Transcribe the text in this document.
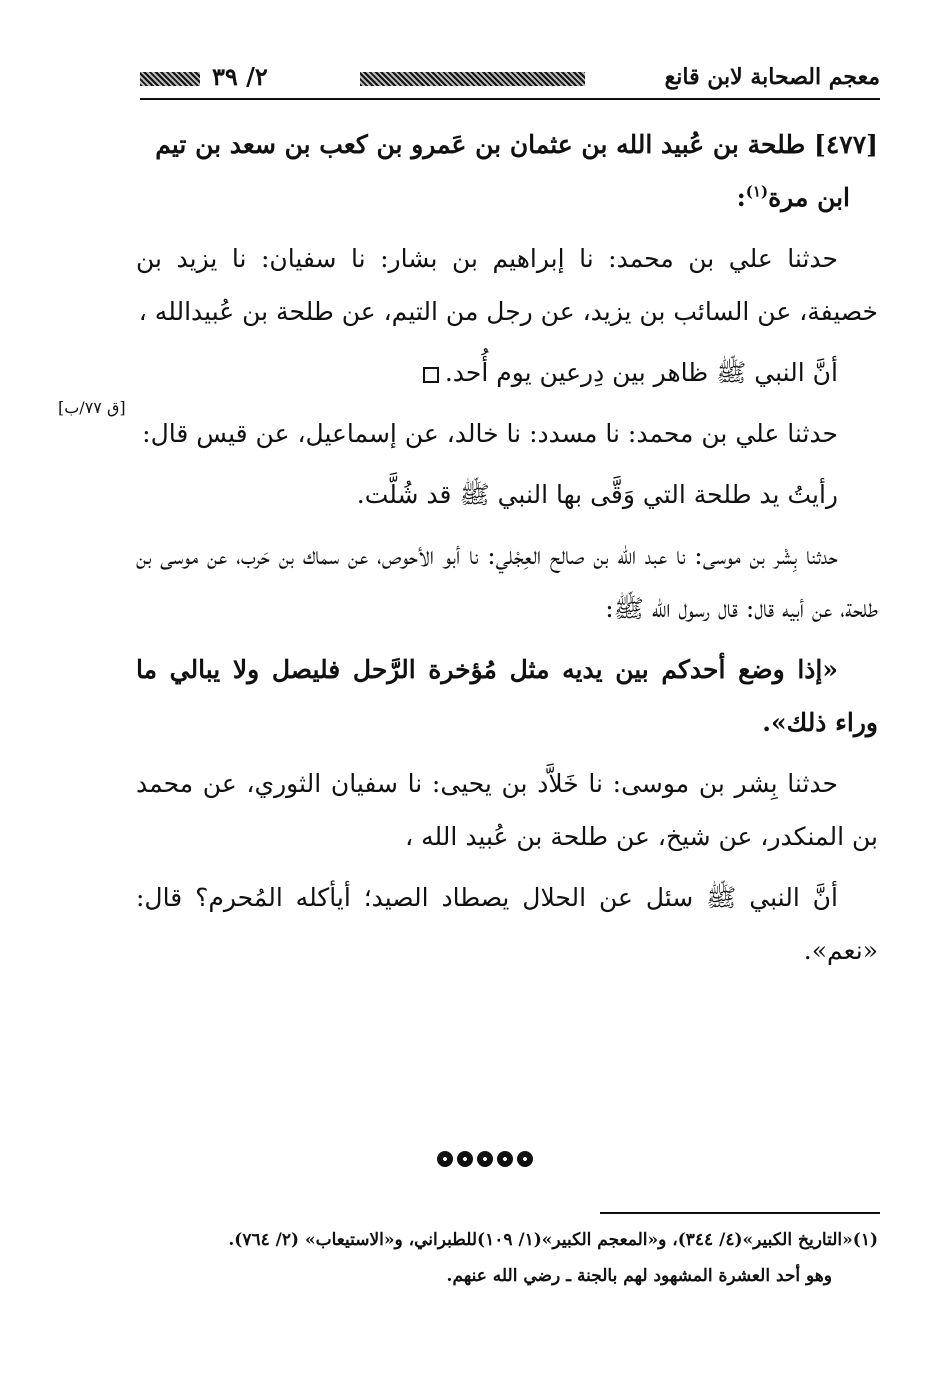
معجم الصحابة لابن قانع
٢/ ٣٩

[٤٧٧] طلحة بن عُبيد الله بن عثمان بن عَمرو بن كعب بن سعد بن تيم
ابن مرة$^{(١)}$:

حدثنا علي بن محمد: نا إبراهيم بن بشار: نا سفيان: نا يزيد بن خصيفة، عن السائب بن يزيد، عن رجل من التيم، عن طلحة بن عُبيدالله ،

أنَّ النبي ﷺ ظاهر بين دِرعين يوم أُحد.

حدثنا علي بن محمد: نا مسدد: نا خالد، عن إسماعيل، عن قيس قال:

رأيتُ يد طلحة التي وَقَّى بها النبي ﷺ قد شُلَّت.

حدثنا بِشْر بن موسى: نا عبد الله بن صالح العِجْلي: نا أبو الأحوص، عن سماك بن حَرب، عن موسى بن طلحة، عن أبيه قال: قال رسول الله ﷺ:

«إذا وضع أحدكم بين يديه مثل مُؤخرة الرَّحل فليصل ولا يبالي ما وراء ذلك».

حدثنا بِشر بن موسى: نا خَلاَّد بن يحيى: نا سفيان الثوري، عن محمد بن المنكدر، عن شيخ، عن طلحة بن عُبيد الله ،

أنَّ النبي ﷺ سئل عن الحلال يصطاد الصيد؛ أيأكله المُحرم؟ قال: «نعم».

[ق ٧٧/ب]

(١)«التاريخ الكبير»(٤/ ٣٤٤)، و«المعجم الكبير»(١/ ١٠٩)للطبراني، و«الاستيعاب» (٢/ ٧٦٤).

وهو أحد العشرة المشهود لهم بالجنة ـ رضي الله عنهم.
